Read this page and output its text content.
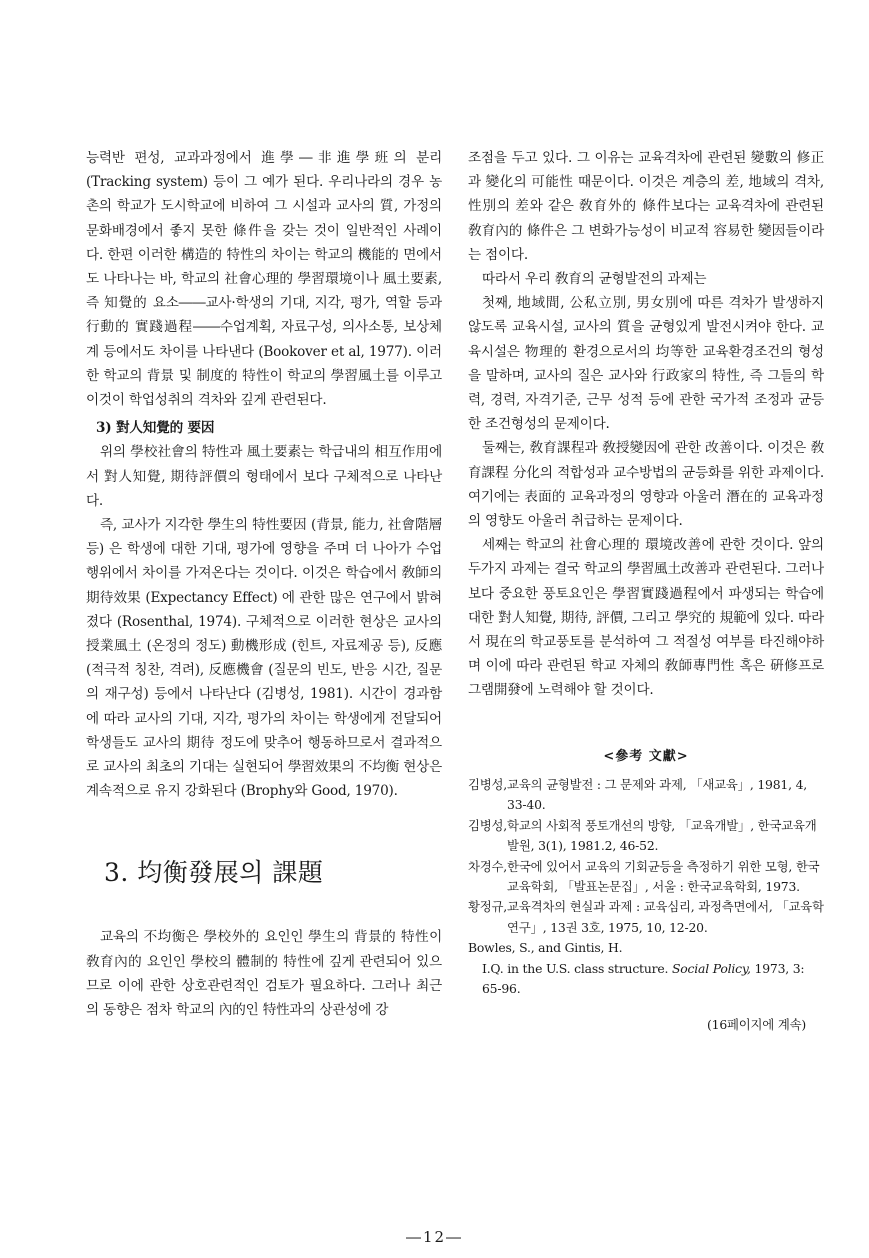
능력반 편성, 교과과정에서 進學―非進學班의 분리 (Tracking system) 등이 그 예가 된다. 우리나라의 경우 농촌의 학교가 도시학교에 비하여 그 시설과 교사의 質, 가정의 문화배경에서 좋지 못한 條件을 갖는 것이 일반적인 사례이다. 한편 이러한 構造的 特性의 차이는 학교의 機能的 면에서도 나타나는 바, 학교의 社會心理的 學習環境이나 風土要素, 즉 知覺的 요소――교사·학생의 기대, 지각, 평가, 역할 등과 行動的 實踐過程――수업계획, 자료구성, 의사소통, 보상체계 등에서도 차이를 나타낸다 (Bookover et al, 1977). 이러한 학교의 背景 및 制度的 特性이 학교의 學習風土를 이루고 이것이 학업성취의 격차와 깊게 관련된다.

3) 對人知覺的 要因

위의 學校社會의 特性과 風土要素는 학급내의 相互作用에서 對人知覺, 期待評價의 형태에서 보다 구체적으로 나타난다.

즉, 교사가 지각한 學生의 特性要因 (背景, 能力, 社會階層 등) 은 학생에 대한 기대, 평가에 영향을 주며 더 나아가 수업행위에서 차이를 가져온다는 것이다. 이것은 학습에서 敎師의 期待效果 (Expectancy Effect) 에 관한 많은 연구에서 밝혀졌다 (Rosenthal, 1974). 구체적으로 이러한 현상은 교사의 授業風土 (온정의 정도) 動機形成 (힌트, 자료제공 등), 反應 (적극적 칭찬, 격려), 反應機會 (질문의 빈도, 반응 시간, 질문의 재구성) 등에서 나타난다 (김병성, 1981). 시간이 경과함에 따라 교사의 기대, 지각, 평가의 차이는 학생에게 전달되어 학생들도 교사의 期待 정도에 맞추어 행동하므로서 결과적으로 교사의 최초의 기대는 실현되어 學習效果의 不均衡 현상은 계속적으로 유지 강화된다 (Brophy와 Good, 1970).

3. 均衡發展의 課題

교육의 不均衡은 學校外的 요인인 學生의 背景的 特性이 敎育內的 요인인 學校의 體制的 特性에 깊게 관련되어 있으므로 이에 관한 상호관련적인 검토가 필요하다. 그러나 최근의 동향은 점차 학교의 內的인 特性과의 상관성에 강

조점을 두고 있다. 그 이유는 교육격차에 관련된 變數의 修正과 變化의 可能性 때문이다. 이것은 계층의 差, 地域의 격차, 性別의 差와 같은 敎育外的 條件보다는 교육격차에 관련된 敎育內的 條件은 그 변화가능성이 비교적 容易한 變因들이라는 점이다.

따라서 우리 敎育의 균형발전의 과제는

첫째, 地域間, 公私立別, 男女別에 따른 격차가 발생하지 않도록 교육시설, 교사의 質을 균형있게 발전시켜야 한다. 교육시설은 物理的 환경으로서의 均等한 교육환경조건의 형성을 말하며, 교사의 질은 교사와 行政家의 特性, 즉 그들의 학력, 경력, 자격기준, 근무 성적 등에 관한 국가적 조정과 균등한 조건형성의 문제이다.

둘째는, 敎育課程과 敎授變因에 관한 改善이다. 이것은 敎育課程 分化의 적합성과 교수방법의 균등화를 위한 과제이다. 여기에는 表面的 교육과정의 영향과 아울러 潛在的 교육과정의 영향도 아울러 취급하는 문제이다.

세째는 학교의 社會心理的 環境改善에 관한 것이다. 앞의 두가지 과제는 결국 학교의 學習風土改善과 관련된다. 그러나 보다 중요한 풍토요인은 學習實踐過程에서 파생되는 학습에 대한 對人知覺, 期待, 評價, 그리고 學究的 規範에 있다. 따라서 現在의 학교풍토를 분석하여 그 적절성 여부를 타진해야하며 이에 따라 관련된 학교 자체의 敎師專門性 혹은 硏修프로그램開發에 노력해야 할 것이다.

<參考 文獻>
김병성, 교육의 균형발전 : 그 문제와 과제, 「새교육」, 1981, 4, 33-40.
김병성, 학교의 사회적 풍토개선의 방향, 「교육개발」, 한국교육개발원, 3(1), 1981.2, 46-52.
차경수, 한국에 있어서 교육의 기회균등을 측정하기 위한 모형, 한국교육학회, 「발표논문집」, 서울 : 한국교육학회, 1973.
황정규, 교육격차의 현실과 과제 : 교육심리, 과정측면에서, 「교육학연구」, 13권 3호, 1975, 10, 12-20.

Bowles, S., and Gintis, H.

I.Q. in the U.S. class structure. Social Policy, 1973, 3: 65-96.

(16페이지에 계속)
―12―
